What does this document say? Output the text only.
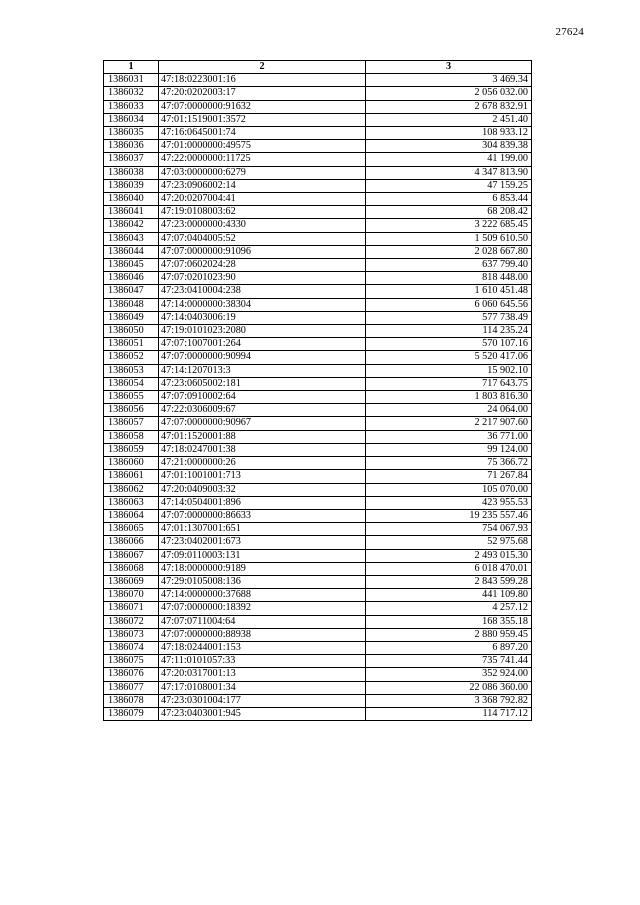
27624
1	2	3
1386031	47:18:0223001:16	3 469.34
1386032	47:20:0202003:17	2 056 032.00
1386033	47:07:0000000:91632	2 678 832.91
1386034	47:01:1519001:3572	2 451.40
1386035	47:16:0645001:74	108 933.12
1386036	47:01:0000000:49575	304 839.38
1386037	47:22:0000000:11725	41 199.00
1386038	47:03:0000000:6279	4 347 813.90
1386039	47:23:0906002:14	47 159.25
1386040	47:20:0207004:41	6 853.44
1386041	47:19:0108003:62	68 208.42
1386042	47:23:0000000:4330	3 222 685.45
1386043	47:07:0404005:52	1 509 610.50
1386044	47:07:0000000:91096	2 028 667.80
1386045	47:07:0602024:28	637 799.40
1386046	47:07:0201023:90	818 448.00
1386047	47:23:0410004:238	1 610 451.48
1386048	47:14:0000000:38304	6 060 645.56
1386049	47:14:0403006:19	577 738.49
1386050	47:19:0101023:2080	114 235.24
1386051	47:07:1007001:264	570 107.16
1386052	47:07:0000000:90994	5 520 417.06
1386053	47:14:1207013:3	15 902.10
1386054	47:23:0605002:181	717 643.75
1386055	47:07:0910002:64	1 803 816.30
1386056	47:22:0306009:67	24 064.00
1386057	47:07:0000000:90967	2 217 907.60
1386058	47:01:1520001:88	36 771.00
1386059	47:18:0247001:38	99 124.00
1386060	47:21:0000000:26	75 366.72
1386061	47:01:1001001:713	71 267.84
1386062	47:20:0409003:32	105 070.00
1386063	47:14:0504001:896	423 955.53
1386064	47:07:0000000:86633	19 235 557.46
1386065	47:01:1307001:651	754 067.93
1386066	47:23:0402001:673	52 975.68
1386067	47:09:0110003:131	2 493 015.30
1386068	47:18:0000000:9189	6 018 470.01
1386069	47:29:0105008:136	2 843 599.28
1386070	47:14:0000000:37688	441 109.80
1386071	47:07:0000000:18392	4 257.12
1386072	47:07:0711004:64	168 355.18
1386073	47:07:0000000:88938	2 880 959.45
1386074	47:18:0244001:153	6 897.20
1386075	47:11:0101057:33	735 741.44
1386076	47:20:0317001:13	352 924.00
1386077	47:17:0108001:34	22 086 360.00
1386078	47:23:0301004:177	3 368 792.82
1386079	47:23:0403001:945	114 717.12
